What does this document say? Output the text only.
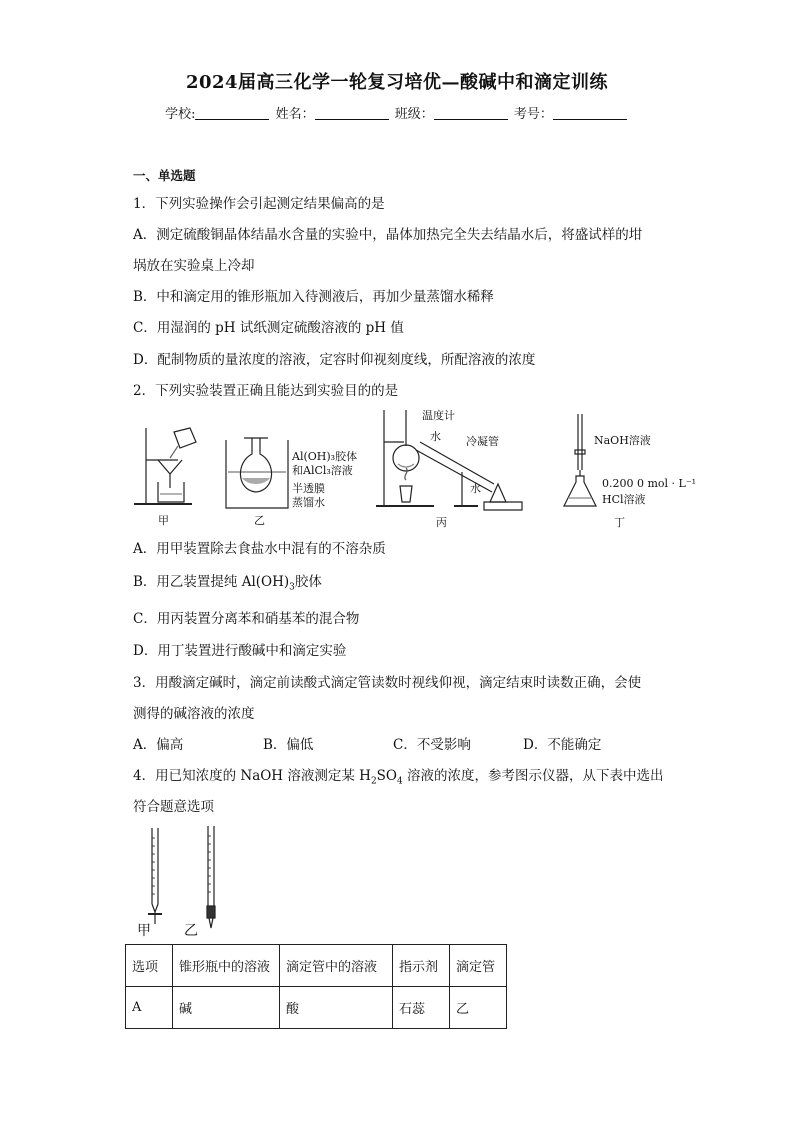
2024届高三化学一轮复习培优—酸碱中和滴定训练
学校:	姓名：	班级：	考号：
一、单选题
1．下列实验操作会引起测定结果偏高的是
A．测定硫酸铜晶体结晶水含量的实验中，晶体加热完全失去结晶水后，将盛试样的坩
埚放在实验桌上冷却
B．中和滴定用的锥形瓶加入待测液后，再加少量蒸馏水稀释
C．用湿润的 pH 试纸测定硫酸溶液的 pH 值
D．配制物质的量浓度的溶液，定容时仰视刻度线，所配溶液的浓度
2．下列实验装置正确且能达到实验目的的是
甲	乙
Al(OH)₃胶体
和AlCl₃溶液
半透膜
蒸馏水
温度计
水 冷凝管
水
丙
NaOH溶液
0.200 0 mol · L⁻¹
HCl溶液
丁
A．用甲装置除去食盐水中混有的不溶杂质
B．用乙装置提纯 $Al(OH)_3$胶体
C．用丙装置分离苯和硝基苯的混合物
D．用丁装置进行酸碱中和滴定实验
3．用酸滴定碱时，滴定前读酸式滴定管读数时视线仰视，滴定结束时读数正确，会使
测得的碱溶液的浓度
A．偏高	B．偏低	C．不受影响	D．不能确定
4．用已知浓度的 NaOH 溶液测定某 $H_2SO_4$ 溶液的浓度，参考图示仪器，从下表中选出
符合题意选项
甲 乙
选项	锥形瓶中的溶液	滴定管中的溶液	指示剂	滴定管
A	碱	酸	石蕊	乙
